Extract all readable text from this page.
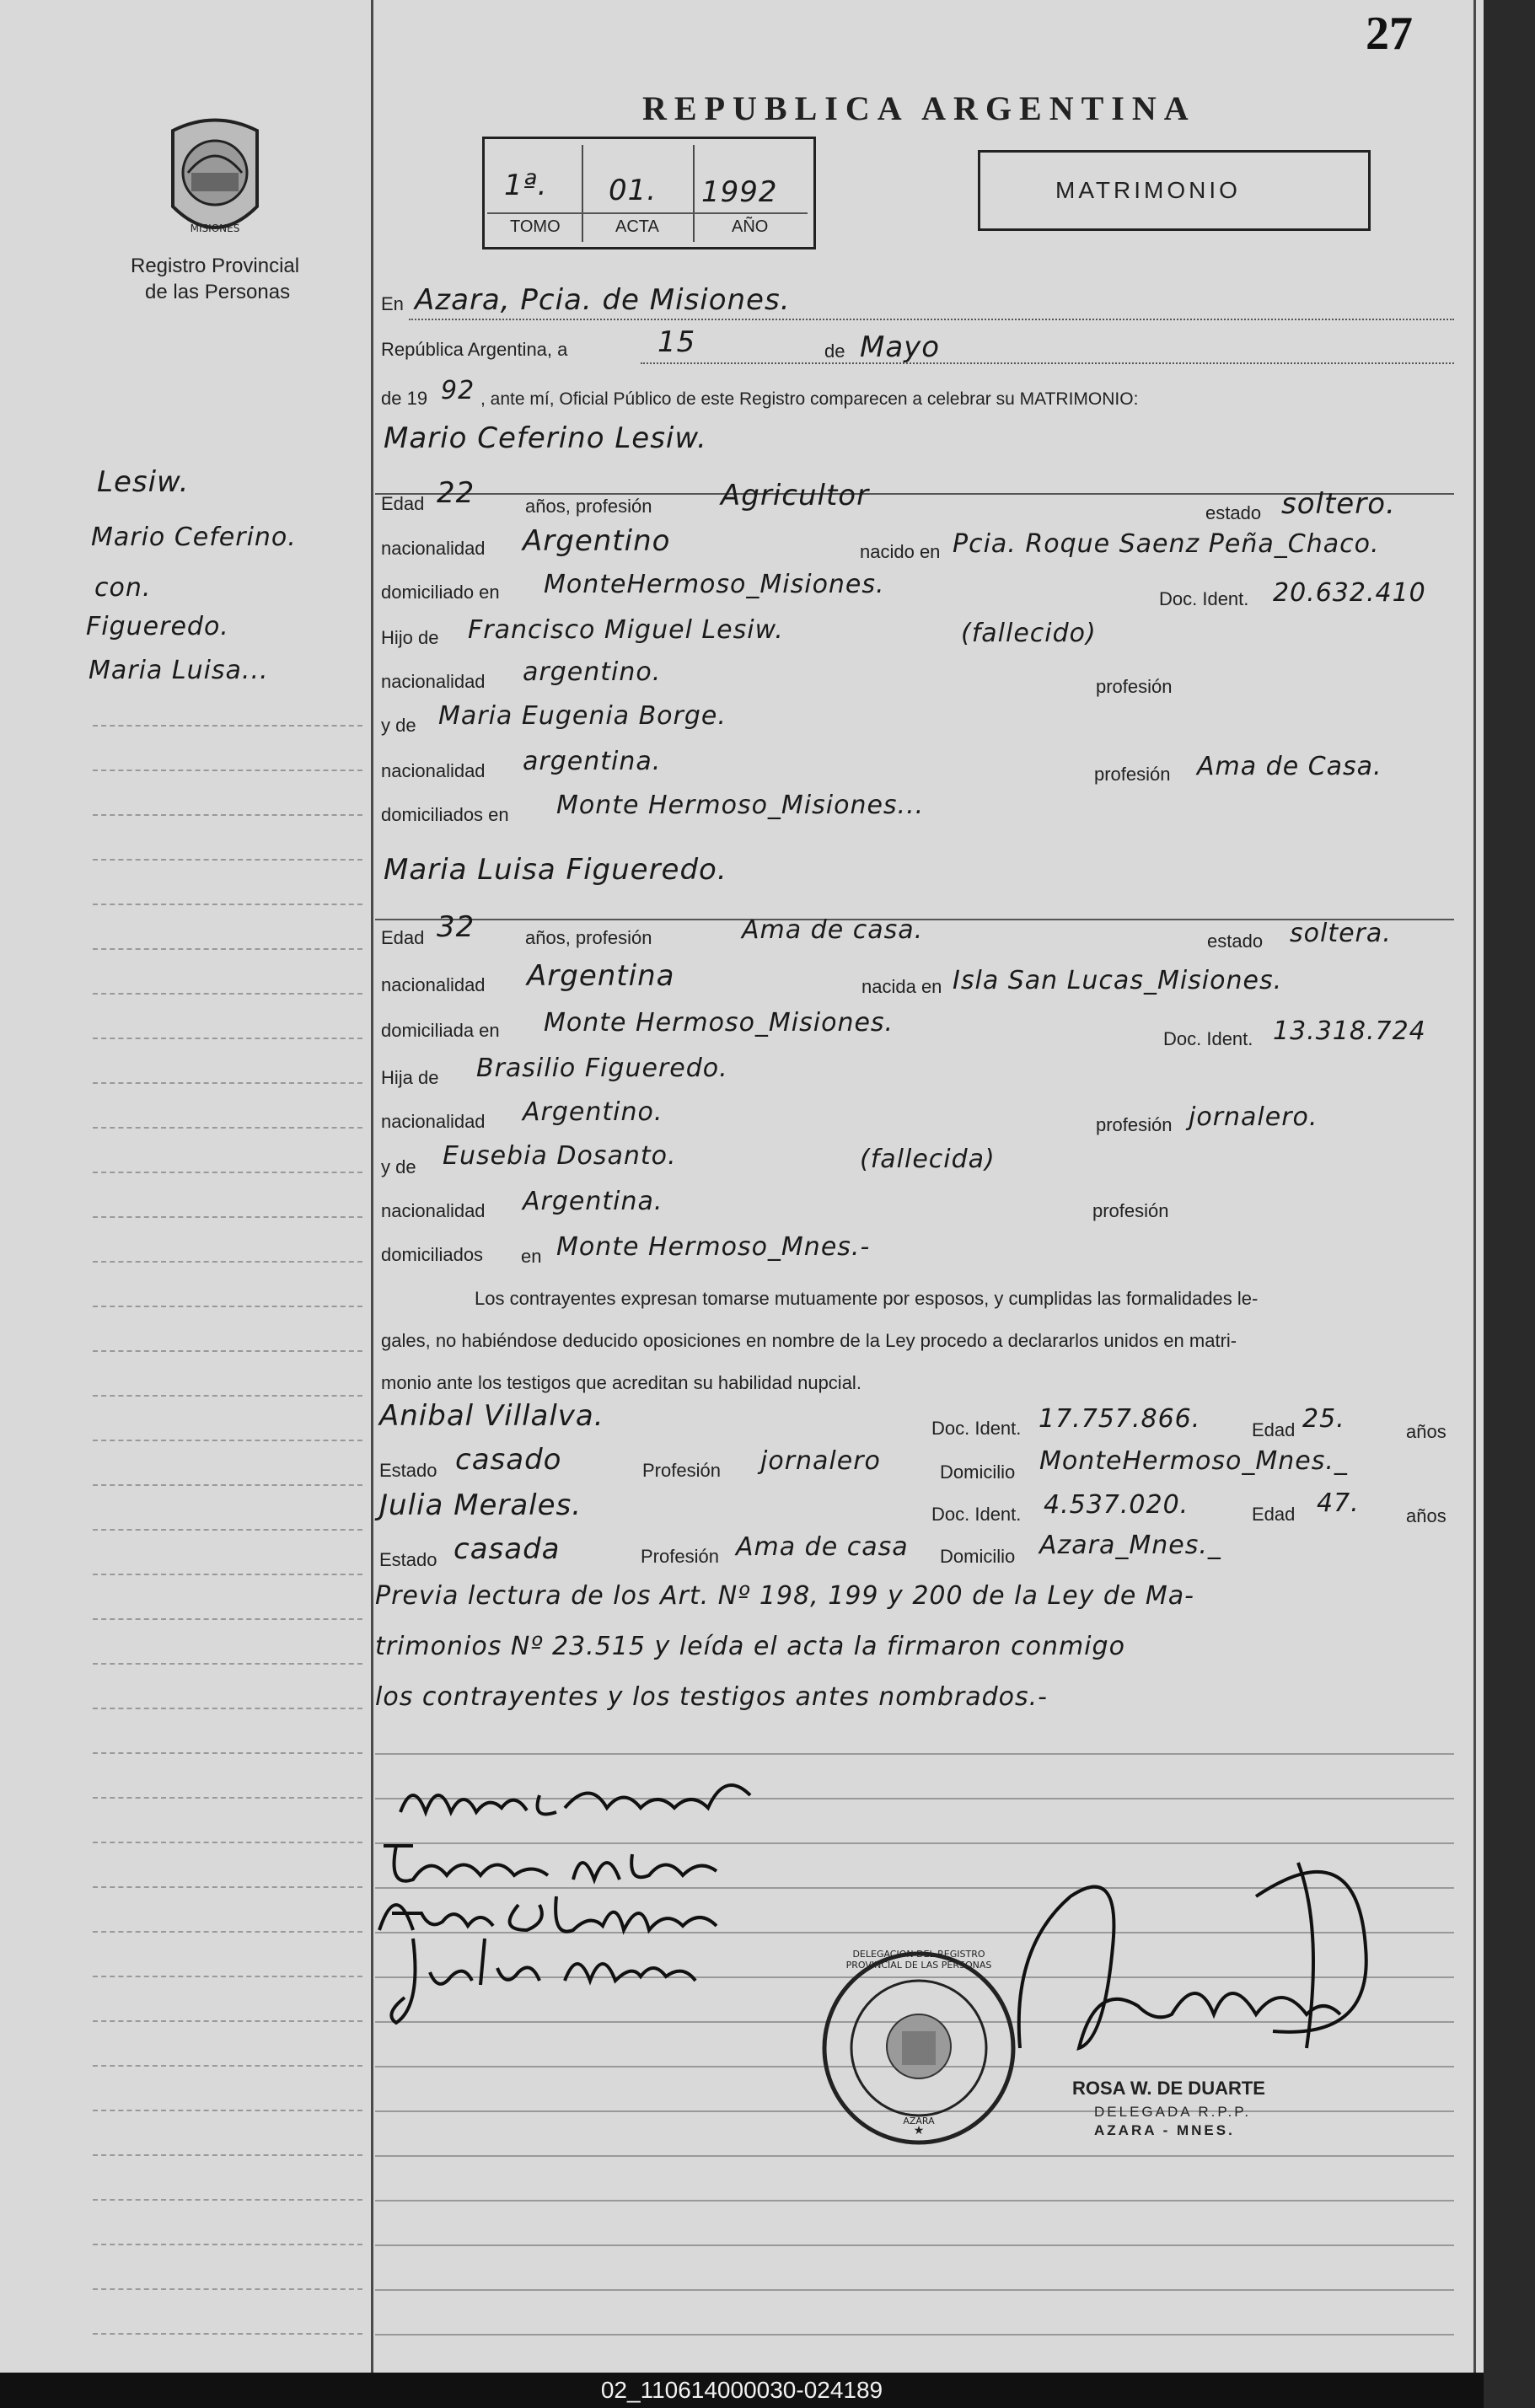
27
MISIONES
Registro Provincial
de las Personas
REPUBLICA ARGENTINA
1ª. 01. 1992
TOMO	ACTA	AÑO
MATRIMONIO
Lesiw.
Mario Ceferino.
con.
Figueredo.
Maria Luisa...
En Azara, Pcia. de Misiones.
República Argentina, a	15	de Mayo
de 19 92 , ante mí, Oficial Público de este Registro comparecen a celebrar su MATRIMONIO:
Mario Ceferino Lesiw.
Edad 22	años, profesión Agricultor
estado soltero.
nacionalidad Argentino	nacido en Pcia. Roque Saenz Peña_Chaco.
domiciliado en MonteHermoso_Misiones.	Doc. Ident. 20.632.410
Hijo de Francisco Miguel Lesiw.	(fallecido)
nacionalidad argentino.	profesión
y de Maria Eugenia Borge.
nacionalidad argentina.	profesión Ama de Casa.
domiciliados en Monte Hermoso_Misiones...
Maria Luisa Figueredo.
Edad 32	años, profesión	Ama de casa.	estado soltera.
nacionalidad Argentina	nacida en Isla San Lucas_Misiones.
domiciliada en Monte Hermoso_Misiones.
Doc. Ident. 13.318.724
Hija de Brasilio Figueredo.
nacionalidad Argentino.	profesión jornalero.
y de Eusebia Dosanto.	(fallecida)
nacionalidad Argentina.	profesión
domiciliados en Monte Hermoso_Mnes.-
Los contrayentes expresan tomarse mutuamente por esposos, y cumplidas las formalidades le-
gales, no habiéndose deducido oposiciones en nombre de la Ley procedo a declararlos unidos en matri-
monio ante los testigos que acreditan su habilidad nupcial.
Anibal Villalva.	Doc. Ident. 17.757.866.	Edad 25.	años
Estado casado	Profesión jornalero	Domicilio MonteHermoso_Mnes._
Julia Merales.	Doc. Ident. 4.537.020.	Edad 47.	años
Estado casada	Profesión Ama de casa Domicilio Azara_Mnes._
Previa lectura de los Art. Nº 198, 199 y 200 de la Ley de Ma-
trimonios Nº 23.515 y leída el acta la firmaron conmigo
los contrayentes y los testigos antes nombrados.-
★
DELEGACION DEL REGISTRO PROVINCIAL DE LAS PERSONAS
AZARA
ROSA W. DE DUARTE
DELEGADA R.P.P.
AZARA - MNES.
02_110614000030-024189
